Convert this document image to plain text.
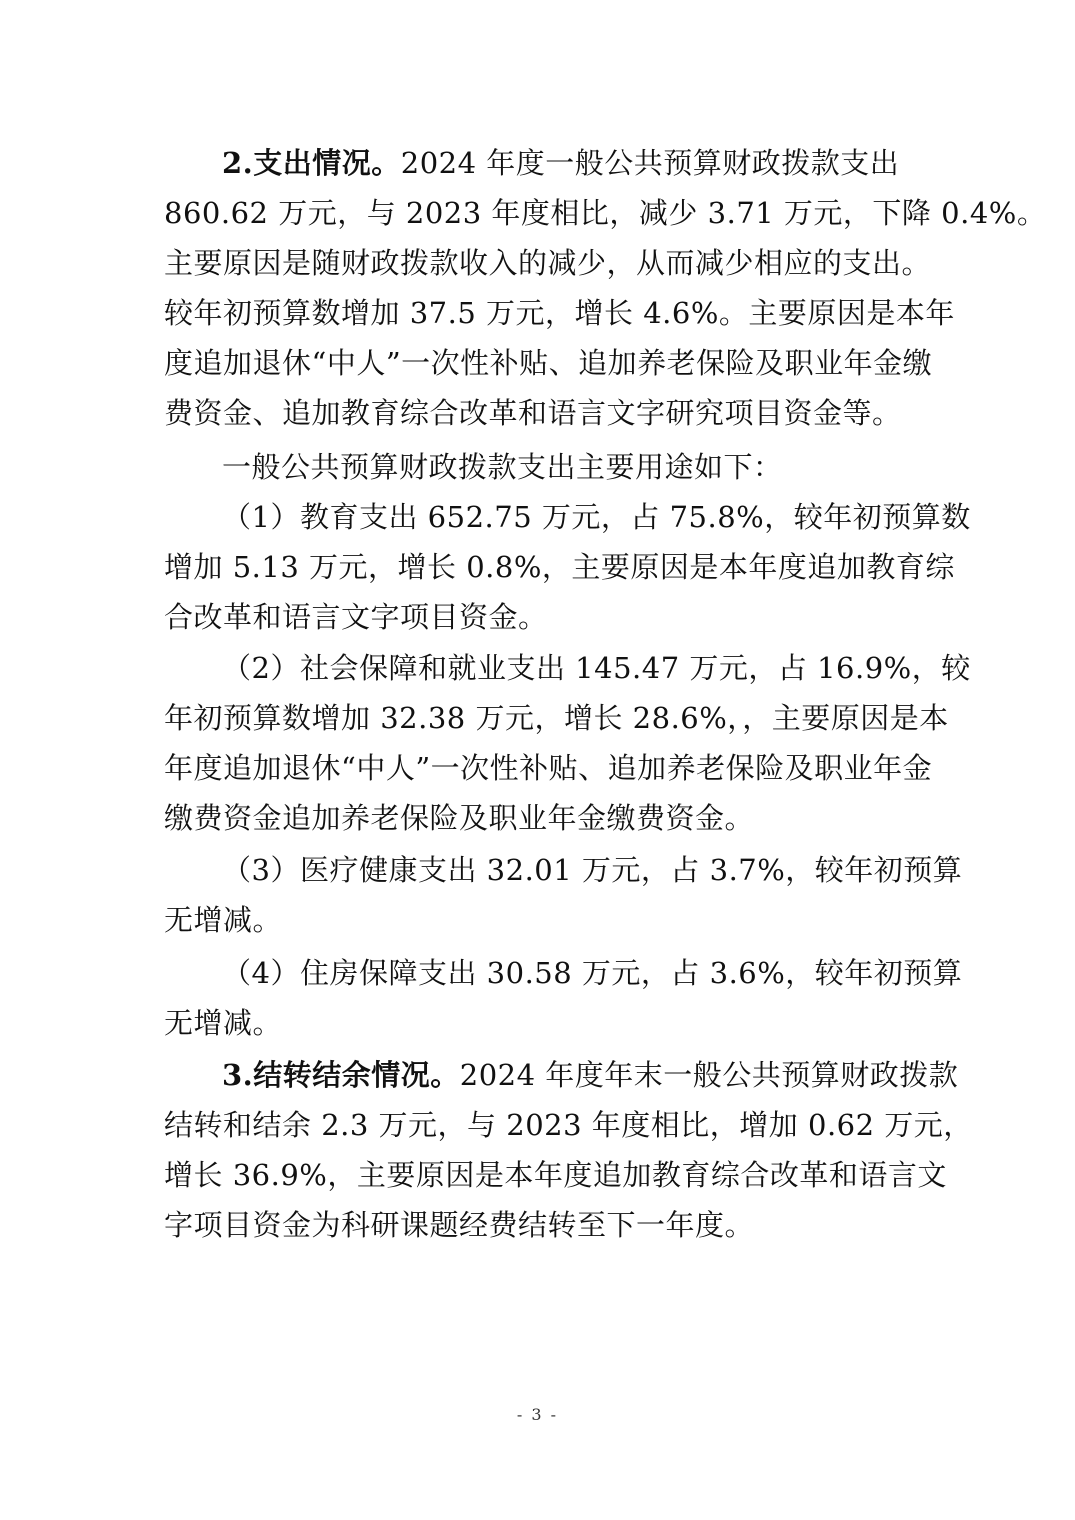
2.支出情况。2024 年度一般公共预算财政拨款支出
860.62 万元，与 2023 年度相比，减少 3.71 万元，下降 0.4%。
主要原因是随财政拨款收入的减少，从而减少相应的支出。
较年初预算数增加 37.5 万元，增长 4.6%。主要原因是本年
度追加退休“中人”一次性补贴、追加养老保险及职业年金缴
费资金、追加教育综合改革和语言文字研究项目资金等。
一般公共预算财政拨款支出主要用途如下：
（1）教育支出 652.75 万元，占 75.8%，较年初预算数
增加 5.13 万元，增长 0.8%，主要原因是本年度追加教育综
合改革和语言文字项目资金。
（2）社会保障和就业支出 145.47 万元，占 16.9%，较
年初预算数增加 32.38 万元，增长 28.6%，，主要原因是本
年度追加退休“中人”一次性补贴、追加养老保险及职业年金
缴费资金追加养老保险及职业年金缴费资金。
（3）医疗健康支出 32.01 万元，占 3.7%，较年初预算
无增减。
（4）住房保障支出 30.58 万元，占 3.6%，较年初预算
无增减。
3.结转结余情况。2024 年度年末一般公共预算财政拨款
结转和结余 2.3 万元，与 2023 年度相比，增加 0.62 万元，
增长 36.9%，主要原因是本年度追加教育综合改革和语言文
字项目资金为科研课题经费结转至下一年度。
- 3 -
